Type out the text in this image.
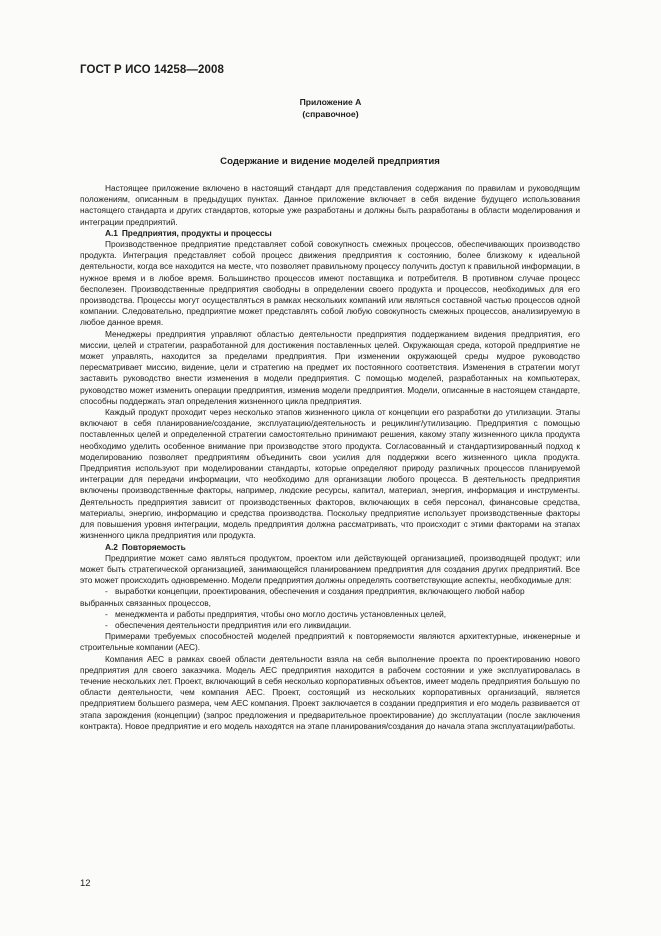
ГОСТ Р ИСО 14258—2008
Приложение А
(справочное)
Содержание и видение моделей предприятия

Настоящее приложение включено в настоящий стандарт для представления содержания по правилам и руководящим положениям, описанным в предыдущих пунктах. Данное приложение включает в себя видение будущего использования настоящего стандарта и других стандартов, которые уже разработаны и должны быть разработаны в области моделирования и интеграции предприятий.

А.1 Предприятия, продукты и процессы

Производственное предприятие представляет собой совокупность смежных процессов, обеспечивающих производство продукта. Интеграция представляет собой процесс движения предприятия к состоянию, более близкому к идеальной деятельности, когда все находится на месте, что позволяет правильному процессу получить доступ к правильной информации, в нужное время и в любое время. Большинство процессов имеют поставщика и потребителя. В противном случае процесс бесполезен. Производственные предприятия свободны в определении своего продукта и процессов, необходимых для его производства. Процессы могут осуществляться в рамках нескольких компаний или являться составной частью процессов одной компании. Следовательно, предприятие может представлять собой любую совокупность смежных процессов, анализируемую в любое данное время.

Менеджеры предприятия управляют областью деятельности предприятия поддержанием видения предприятия, его миссии, целей и стратегии, разработанной для достижения поставленных целей. Окружающая среда, которой предприятие не может управлять, находится за пределами предприятия. При изменении окружающей среды мудрое руководство пересматривает миссию, видение, цели и стратегию на предмет их постоянного соответствия. Изменения в стратегии могут заставить руководство внести изменения в модели предприятия. С помощью моделей, разработанных на компьютерах, руководство может изменить операции предприятия, изменив модели предприятия. Модели, описанные в настоящем стандарте, способны поддержать этап определения жизненного цикла предприятия.

Каждый продукт проходит через несколько этапов жизненного цикла от концепции его разработки до утилизации. Этапы включают в себя планирование/создание, эксплуатацию/деятельность и рециклинг/утилизацию. Предприятия с помощью поставленных целей и определенной стратегии самостоятельно принимают решения, какому этапу жизненного цикла продукта необходимо уделить особенное внимание при производстве этого продукта. Согласованный и стандартизированный подход к моделированию позволяет предприятиям объединить свои усилия для поддержки всего жизненного цикла продукта. Предприятия используют при моделировании стандарты, которые определяют природу различных процессов планируемой интеграции для передачи информации, что необходимо для организации любого процесса. В деятельность предприятия включены производственные факторы, например, людские ресурсы, капитал, материал, энергия, информация и инструменты. Деятельность предприятия зависит от производственных факторов, включающих в себя персонал, финансовые средства, материалы, энергию, информацию и средства производства. Поскольку предприятие использует производственные факторы для повышения уровня интеграции, модель предприятия должна рассматривать, что происходит с этими факторами на этапах жизненного цикла предприятия или продукта.

А.2 Повторяемость

Предприятие может само являться продуктом, проектом или действующей организацией, производящей продукт; или может быть стратегической организацией, занимающейся планированием предприятия для создания других предприятий. Все это может происходить одновременно. Модели предприятия должны определять соответствующие аспекты, необходимые для:

- выработки концепции, проектирования, обеспечения и создания предприятия, включающего любой набор

выбранных связанных процессов,

- менеджмента и работы предприятия, чтобы оно могло достичь установленных целей,

- обеспечения деятельности предприятия или его ликвидации.

Примерами требуемых способностей моделей предприятий к повторяемости являются архитектурные, инженерные и строительные компании (АЕС).

Компания АЕС в рамках своей области деятельности взяла на себя выполнение проекта по проектированию нового предприятия для своего заказчика. Модель АЕС предприятия находится в рабочем состоянии и уже эксплуатировалась в течение нескольких лет. Проект, включающий в себя несколько корпоративных объектов, имеет модель предприятия большую по области деятельности, чем компания АЕС. Проект, состоящий из нескольких корпоративных организаций, является предприятием большего размера, чем АЕС компания. Проект заключается в создании предприятия и его модель развивается от этапа зарождения (концепции) (запрос предложения и предварительное проектирование) до эксплуатации (после заключения контракта). Новое предприятие и его модель находятся на этапе планирования/создания до начала этапа эксплуатации/работы.

12
